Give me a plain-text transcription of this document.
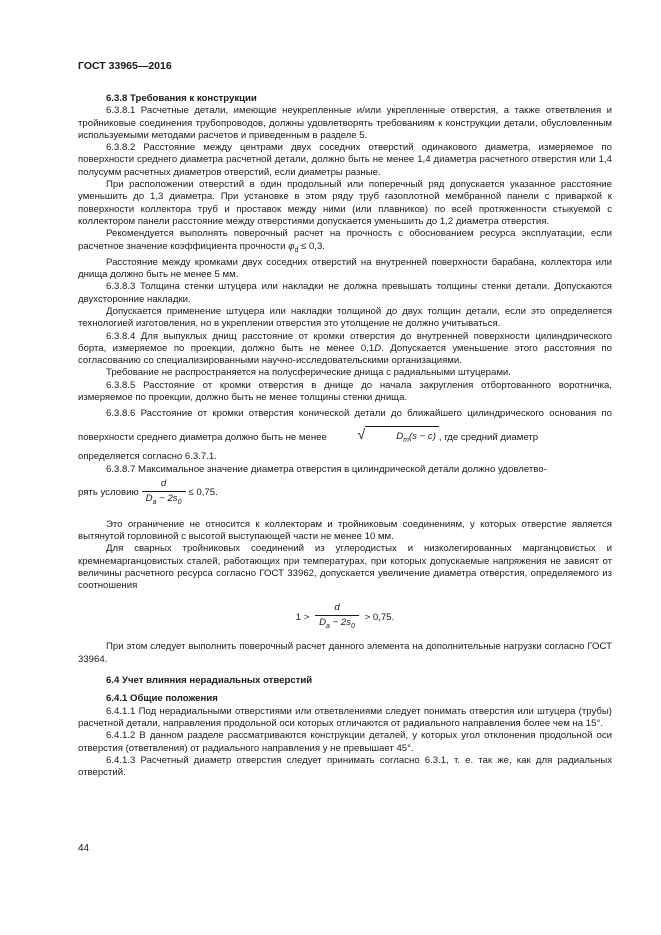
ГОСТ 33965—2016

6.3.8 Требования к конструкции

6.3.8.1 Расчетные детали, имеющие неукрепленные и/или укрепленные отверстия, а также ответвления и тройниковые соединения трубопроводов, должны удовлетворять требованиям к конструкции детали, обусловленным используемыми методами расчетов и приведенным в разделе 5.

6.3.8.2 Расстояние между центрами двух соседних отверстий одинакового диаметра, измеряемое по поверхности среднего диаметра расчетной детали, должно быть не менее 1,4 диаметра расчетного отверстия или 1,4 полусумм расчетных диаметров отверстий, если диаметры разные.

При расположении отверстий в один продольный или поперечный ряд допускается указанное расстояние уменьшить до 1,3 диаметра. При установке в этом ряду труб газоплотной мембранной панели с приваркой к поверхности коллектора труб и проставок между ними (или плавников) по всей протяженности стыкуемой с коллектором панели расстояние между отверстиями допускается уменьшить до 1,2 диаметра отверстия.

Рекомендуется выполнять поверочный расчет на прочность с обоснованием ресурса эксплуатации, если расчетное значение коэффициента прочности $\varphi_d \le 0,3$.

Расстояние между кромками двух соседних отверстий на внутренней поверхности барабана, коллектора или днища должно быть не менее 5 мм.

6.3.8.3 Толщина стенки штуцера или накладки не должна превышать толщины стенки детали. Допускаются двухсторонние накладки.

Допускается применение штуцера или накладки толщиной до двух толщин детали, если это определяется технологией изготовления, но в укреплении отверстия это утолщение не должно учитываться.

6.3.8.4 Для выпуклых днищ расстояние от кромки отверстия до внутренней поверхности цилиндрического борта, измеряемое по проекции, должно быть не менее 0,1D. Допускается уменьшение этого расстояния по согласованию со специализированными научно-исследовательскими организациями.

Требование не распространяется на полусферические днища с радиальными штуцерами.

6.3.8.5 Расстояние от кромки отверстия в днище до начала закругления отбортованного воротничка, измеряемое по проекции, должно быть не менее толщины стенки днища.

6.3.8.6 Расстояние от кромки отверстия конической детали до ближайшего цилиндрического основания по поверхности среднего диаметра должно быть не менее √	$D_m(s - c)$ , где средний диаметр

определяется согласно 6.3.7.1.

6.3.8.7 Максимальное значение диаметра отверстия в цилиндрической детали должно удовлетво-

рять условию $\frac{d}{D_a - 2s_0} \le 0,75$.

Это ограничение не относится к коллекторам и тройниковым соединениям, у которых отверстие является вытянутой горловиной с высотой выступающей части не менее 10 мм.

Для сварных тройниковых соединений из углеродистых и низколегированных марганцовистых и кремнемарганцовистых сталей, работающих при температурах, при которых допускаемые напряжения не зависят от величины расчетного ресурса согласно ГОСТ 33962, допускается увеличение диаметра отверстия, определяемого из соотношения

$1 > \frac{d}{D_a - 2s_0} > 0,75$.

При этом следует выполнить поверочный расчет данного элемента на дополнительные нагрузки согласно ГОСТ 33964.

6.4 Учет влияния нерадиальных отверстий

6.4.1 Общие положения

6.4.1.1 Под нерадиальными отверстиями или ответвлениями следует понимать отверстия или штуцера (трубы) расчетной детали, направления продольной оси которых отличаются от радиального направления более чем на 15°.

6.4.1.2 В данном разделе рассматриваются конструкции деталей, у которых угол отклонения продольной оси отверстия (ответвления) от радиального направления у не превышает 45°.

6.4.1.3 Расчетный диаметр отверстия следует принимать согласно 6.3.1, т. е. так же, как для радиальных отверстий.

44
